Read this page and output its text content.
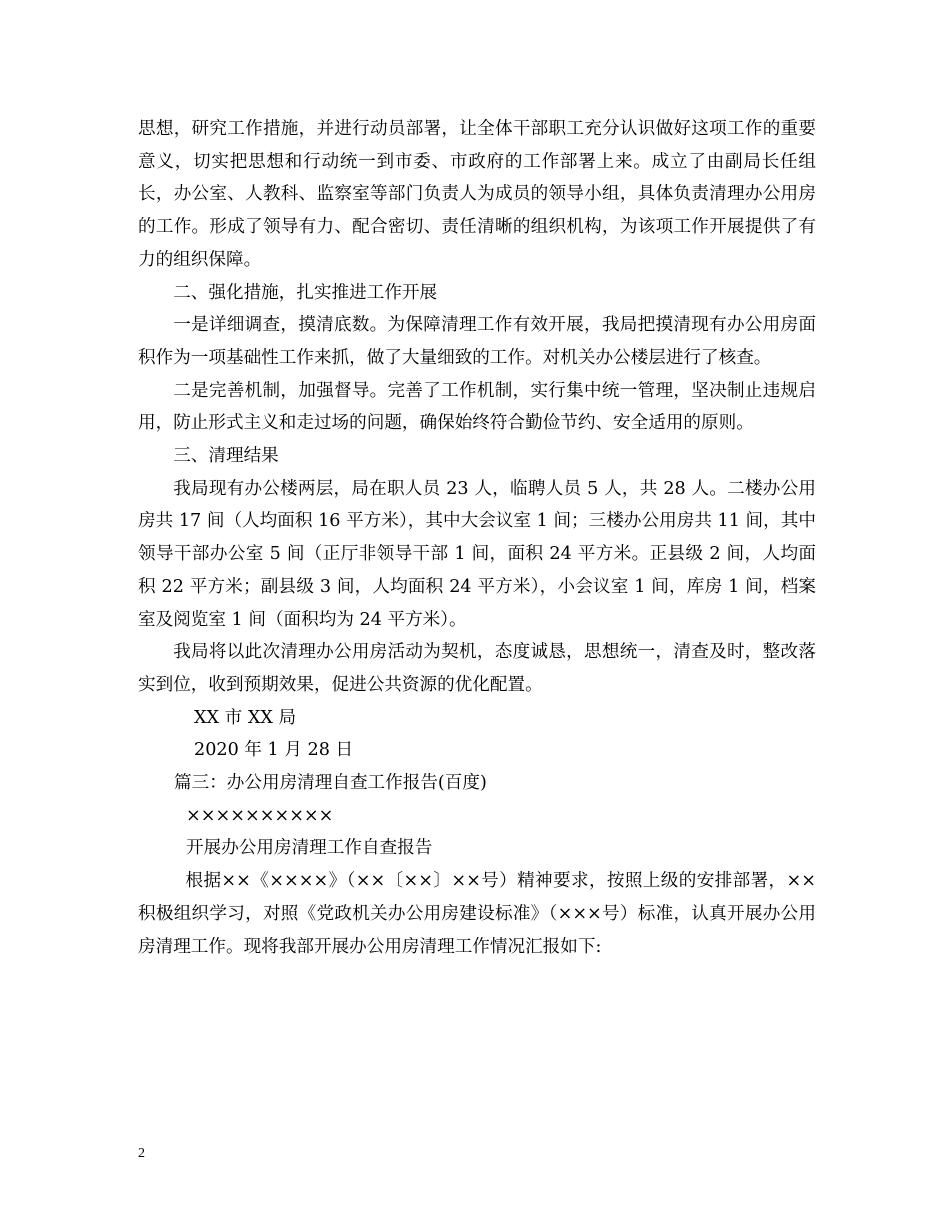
思想，研究工作措施，并进行动员部署，让全体干部职工充分认识做好这项工作的重要意义，切实把思想和行动统一到市委、市政府的工作部署上来。成立了由副局长任组长，办公室、人教科、监察室等部门负责人为成员的领导小组，具体负责清理办公用房的工作。形成了领导有力、配合密切、责任清晰的组织机构，为该项工作开展提供了有力的组织保障。

二、强化措施，扎实推进工作开展

一是详细调查，摸清底数。为保障清理工作有效开展，我局把摸清现有办公用房面积作为一项基础性工作来抓，做了大量细致的工作。对机关办公楼层进行了核查。

二是完善机制，加强督导。完善了工作机制，实行集中统一管理，坚决制止违规启用，防止形式主义和走过场的问题，确保始终符合勤俭节约、安全适用的原则。

三、清理结果

我局现有办公楼两层，局在职人员 23 人，临聘人员 5 人，共 28 人。二楼办公用房共 17 间（人均面积 16 平方米），其中大会议室 1 间；三楼办公用房共 11 间，其中领导干部办公室 5 间（正厅非领导干部 1 间，面积 24 平方米。正县级 2 间，人均面积 22 平方米；副县级 3 间，人均面积 24 平方米），小会议室 1 间，库房 1 间，档案室及阅览室 1 间（面积均为 24 平方米）。

我局将以此次清理办公用房活动为契机，态度诚恳，思想统一，清查及时，整改落实到位，收到预期效果，促进公共资源的优化配置。

XX 市 XX 局

2020 年 1 月 28 日

篇三：办公用房清理自查工作报告(百度)

××××××××××

开展办公用房清理工作自查报告

根据××《××××》（××〔××〕××号）精神要求，按照上级的安排部署，××积极组织学习，对照《党政机关办公用房建设标准》（×××号）标准，认真开展办公用房清理工作。现将我部开展办公用房清理工作情况汇报如下:

2
